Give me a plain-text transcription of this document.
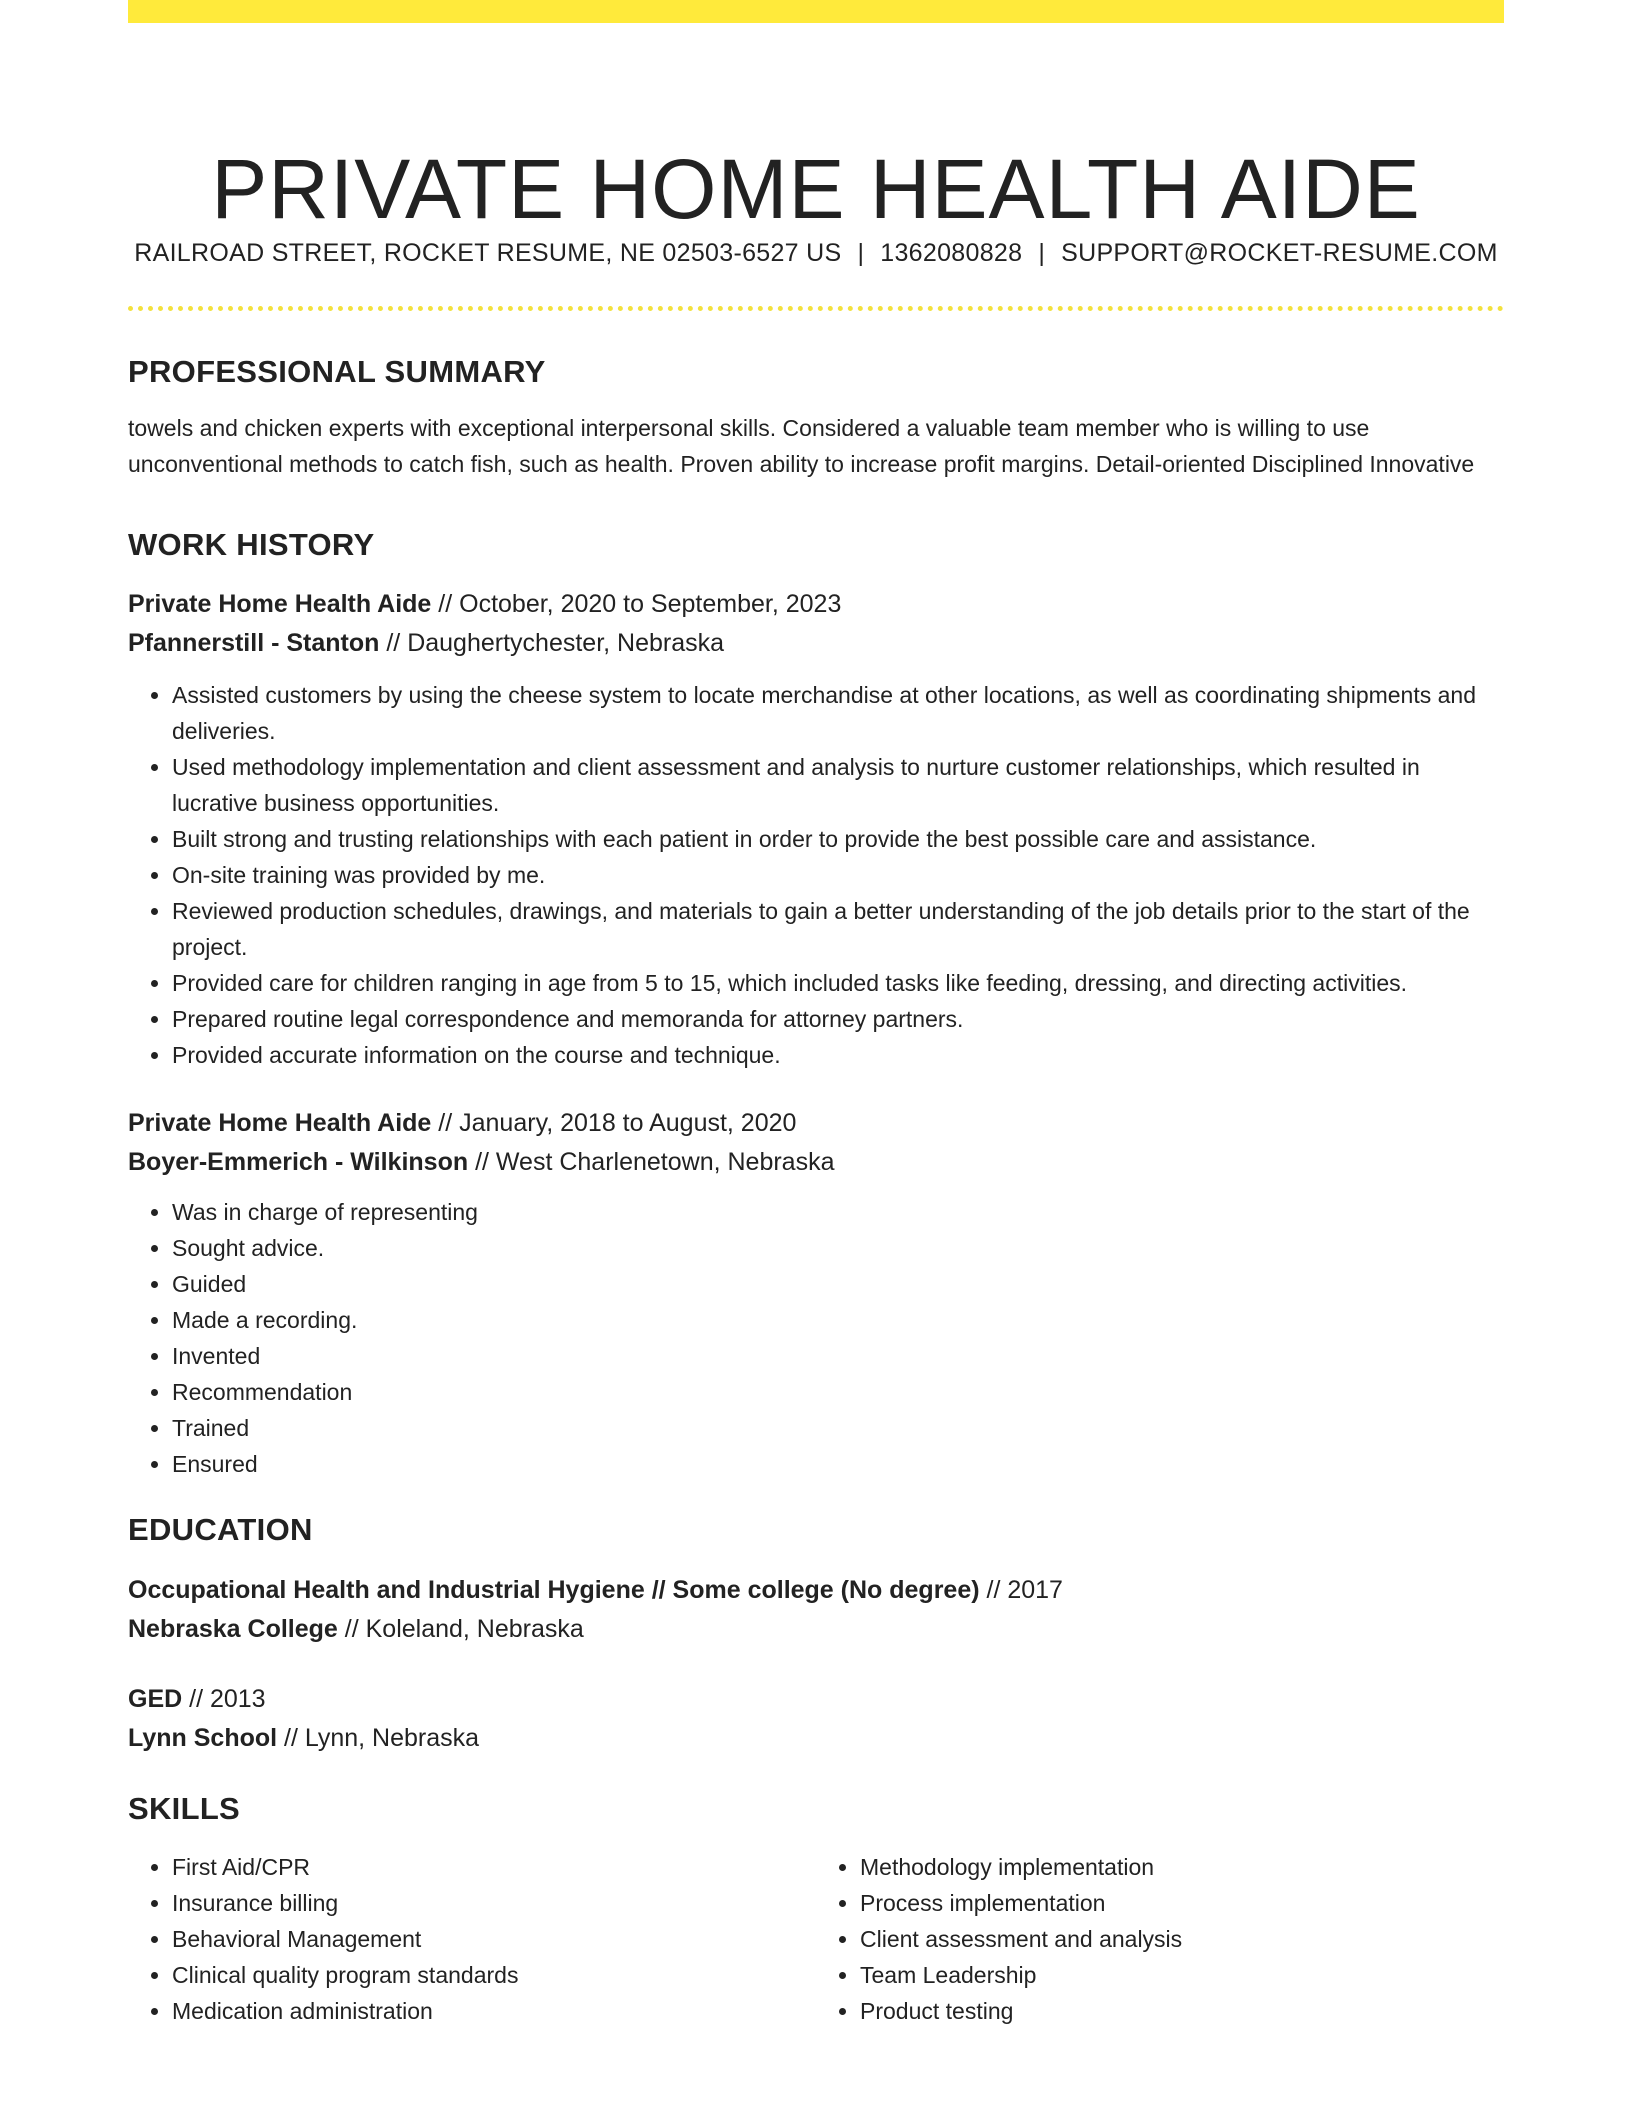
PRIVATE HOME HEALTH AIDE
RAILROAD STREET, ROCKET RESUME, NE 02503-6527 US | 1362080828 | SUPPORT@ROCKET-RESUME.COM
PROFESSIONAL SUMMARY

towels and chicken experts with exceptional interpersonal skills. Considered a valuable team member who is willing to use unconventional methods to catch fish, such as health. Proven ability to increase profit margins. Detail-oriented Disciplined Innovative

WORK HISTORY

Private Home Health Aide // October, 2020 to September, 2023

Pfannerstill - Stanton // Daughertychester, Nebraska

• Assisted customers by using the cheese system to locate merchandise at other locations, as well as coordinating shipments and deliveries.
• Used methodology implementation and client assessment and analysis to nurture customer relationships, which resulted in lucrative business opportunities.
• Built strong and trusting relationships with each patient in order to provide the best possible care and assistance.
• On-site training was provided by me.
• Reviewed production schedules, drawings, and materials to gain a better understanding of the job details prior to the start of the project.
• Provided care for children ranging in age from 5 to 15, which included tasks like feeding, dressing, and directing activities.
• Prepared routine legal correspondence and memoranda for attorney partners.
• Provided accurate information on the course and technique.

Private Home Health Aide // January, 2018 to August, 2020

Boyer-Emmerich - Wilkinson // West Charlenetown, Nebraska

• Was in charge of representing
• Sought advice.
• Guided
• Made a recording.
• Invented
• Recommendation
• Trained
• Ensured
EDUCATION

Occupational Health and Industrial Hygiene // Some college (No degree) // 2017

Nebraska College // Koleland, Nebraska

GED // 2013

Lynn School // Lynn, Nebraska

SKILLS
• First Aid/CPR
• Insurance billing
• Behavioral Management
• Clinical quality program standards
• Medication administration
• Methodology implementation
• Process implementation
• Client assessment and analysis
• Team Leadership
• Product testing
